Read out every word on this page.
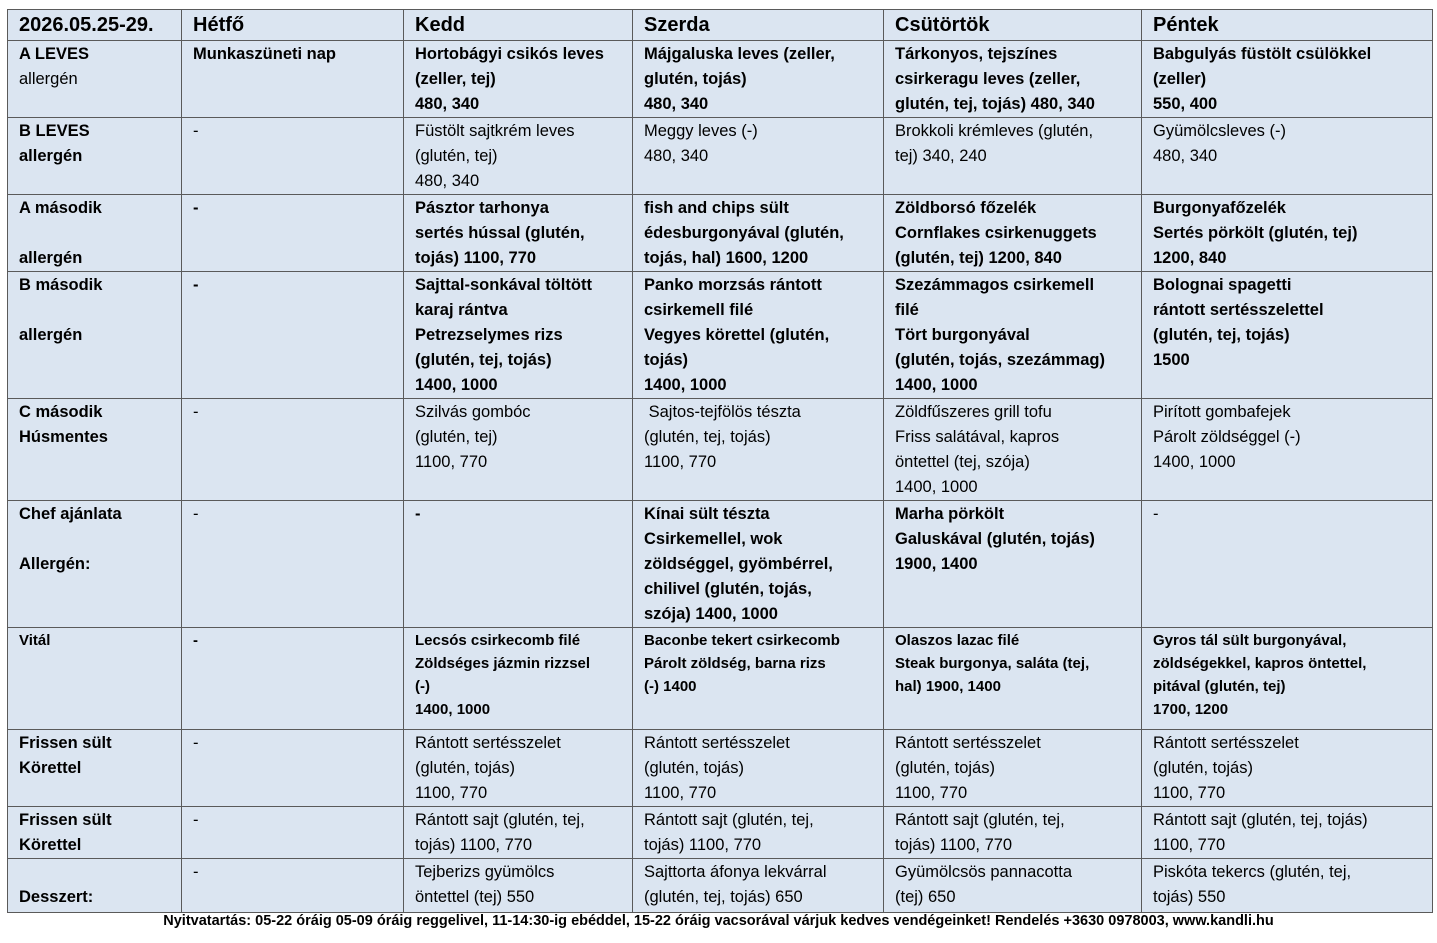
2026.05.25-29.	Hétfő	Kedd	Szerda	Csütörtök	Péntek

A LEVES
allergén	Munkaszüneti nap	Hortobágyi csikós leves
(zeller, tej)
480, 340	Májgaluska leves (zeller,
glutén, tojás)
480, 340	Tárkonyos, tejszínes
csirkeragu leves (zeller,
glutén, tej, tojás) 480, 340	Babgulyás füstölt csülökkel
(zeller)
550, 400

B LEVES
allergén	-	Füstölt sajtkrém leves
(glutén, tej)
480, 340	Meggy leves (-)
480, 340	Brokkoli krémleves (glutén,
tej) 340, 240	Gyümölcsleves (-)
480, 340

A második
allergén	-	Pásztor tarhonya
sertés hússal (glutén,
tojás) 1100, 770	fish and chips sült
édesburgonyával (glutén,
tojás, hal) 1600, 1200	Zöldborsó főzelék
Cornflakes csirkenuggets
(glutén, tej) 1200, 840	Burgonyafőzelék
Sertés pörkölt (glutén, tej)
1200, 840

B második
allergén	-	Sajttal-sonkával töltött
karaj rántva
Petrezselymes rizs
(glutén, tej, tojás)
1400, 1000	Panko morzsás rántott
csirkemell filé
Vegyes körettel (glutén,
tojás)
1400, 1000	Szezámmagos csirkemell
filé
Tört burgonyával
(glutén, tojás, szezámmag)
1400, 1000	Bolognai spagetti
rántott sertésszelettel
(glutén, tej, tojás)
1500

C második
Húsmentes	-	Szilvás gombóc
(glutén, tej)
1100, 770	Sajtos-tejfölös tészta
(glutén, tej, tojás)
1100, 770	Zöldfűszeres grill tofu
Friss salátával, kapros
öntettel (tej, szója)
1400, 1000	Pirított gombafejek
Párolt zöldséggel (-)
1400, 1000

Chef ajánlata
Allergén:	-	-	Kínai sült tészta
Csirkemellel, wok
zöldséggel, gyömbérrel,
chilivel (glutén, tojás,
szója) 1400, 1000	Marha pörkölt
Galuskával (glutén, tojás)
1900, 1400	-

Vitál	-	Lecsós csirkecomb filé
Zöldséges jázmin rizzsel
(-)
1400, 1000	Baconbe tekert csirkecomb
Párolt zöldség, barna rizs
(-) 1400	Olaszos lazac filé
Steak burgonya, saláta (tej,
hal) 1900, 1400	Gyros tál sült burgonyával,
zöldségekkel, kapros öntettel,
pitával (glutén, tej)
1700, 1200

Frissen sült
Körettel	-	Rántott sertésszelet
(glutén, tojás)
1100, 770	Rántott sertésszelet
(glutén, tojás)
1100, 770	Rántott sertésszelet
(glutén, tojás)
1100, 770	Rántott sertésszelet
(glutén, tojás)
1100, 770

Frissen sült
Körettel	-	Rántott sajt (glutén, tej,
tojás) 1100, 770	Rántott sajt (glutén, tej,
tojás) 1100, 770	Rántott sajt (glutén, tej,
tojás) 1100, 770	Rántott sajt (glutén, tej, tojás)
1100, 770

Desszert:	-	Tejberizs gyümölcs
öntettel (tej) 550	Sajttorta áfonya lekvárral
(glutén, tej, tojás) 650	Gyümölcsös pannacotta
(tej) 650	Piskóta tekercs (glutén, tej,
tojás) 550
Nyitvatartás: 05-22 óráig 05-09 óráig reggelivel, 11-14:30-ig ebéddel, 15-22 óráig vacsorával várjuk kedves vendégeinket! Rendelés +3630 0978003, www.kandli.hu
